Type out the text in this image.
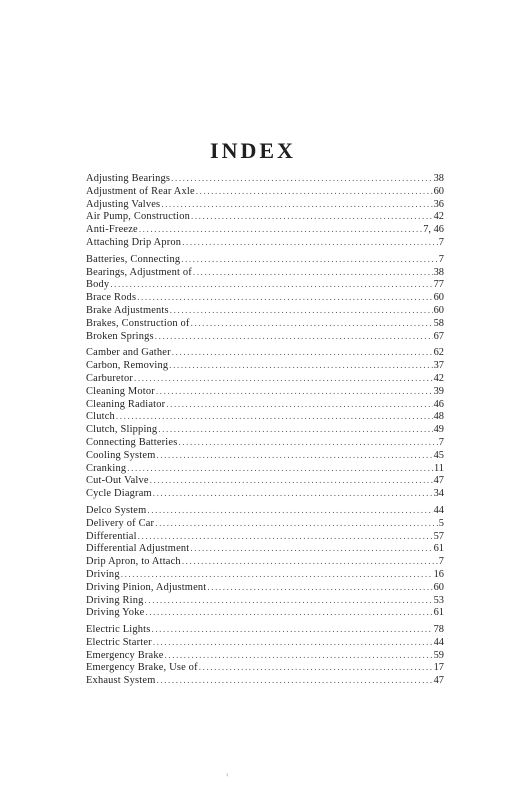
INDEX
Adjusting Bearings .....	38
Adjustment of Rear Axle .....	60
Adjusting Valves .....	36
Air Pump, Construction .....	42
Anti-Freeze .....	7, 46
Attaching Drip Apron .....	7
Batteries, Connecting .....	7
Bearings, Adjustment of .....	38
Body .....	77
Brace Rods .....	60
Brake Adjustments .....	60
Brakes, Construction of .....	58
Broken Springs .....	67
Camber and Gather .....	62
Carbon, Removing .....	37
Carburetor .....	42
Cleaning Motor .....	39
Cleaning Radiator .....	46
Clutch .....	48
Clutch, Slipping .....	49
Connecting Batteries .....	7
Cooling System .....	45
Cranking .....	11
Cut-Out Valve .....	47
Cycle Diagram .....	34
Delco System .....	44
Delivery of Car .....	5
Differential .....	57
Differential Adjustment .....	61
Drip Apron, to Attach .....	7
Driving .....	16
Driving Pinion, Adjustment .....	60
Driving Ring .....	53
Driving Yoke .....	61
Electric Lights .....	78
Electric Starter .....	44
Emergency Brake .....	59
Emergency Brake, Use of .....	17
Exhaust System .....	47
‹
